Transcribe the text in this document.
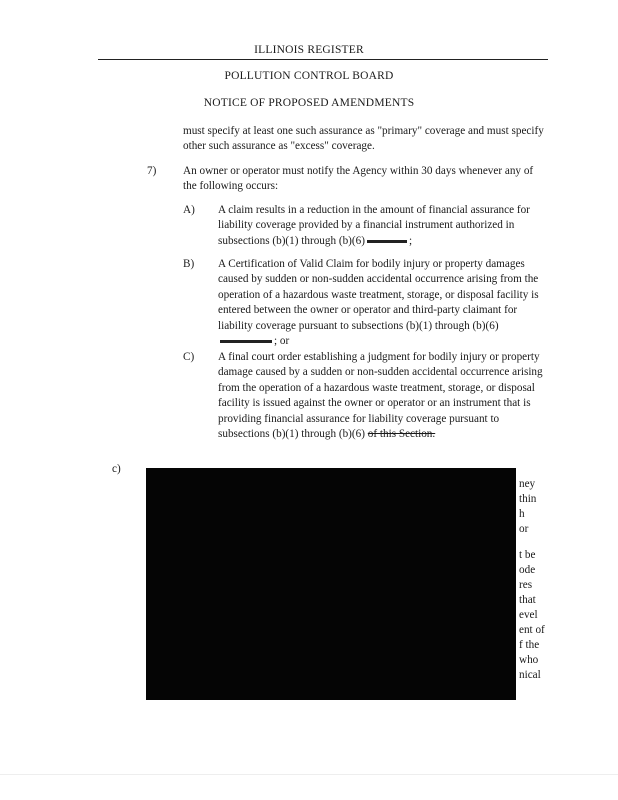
ILLINOIS REGISTER
POLLUTION CONTROL BOARD
NOTICE OF PROPOSED AMENDMENTS

must specify at least one such assurance as "primary" coverage and must specify other such assurance as "excess" coverage.

7) An owner or operator must notify the Agency within 30 days whenever any of the following occurs:
A) A claim results in a reduction in the amount of financial assurance for liability coverage provided by a financial instrument authorized in subsections (b)(1) through (b)(6)	;
B) A Certification of Valid Claim for bodily injury or property damages caused by sudden or non-sudden accidental occurrence arising from the operation of a hazardous waste treatment, storage, or disposal facility is entered between the owner or operator and third-party claimant for liability coverage pursuant to subsections (b)(1) through (b)(6); or
C) A final court order establishing a judgment for bodily injury or property damage caused by a sudden or non-sudden accidental occurrence arising from the operation of a hazardous waste treatment, storage, or disposal facility is issued against the owner or operator or an instrument that is providing financial assurance for liability coverage pursuant to subsections (b)(1) through (b)(6) of this Section.
c)
ney
thin
h
or
t be
ode
res
that
evel
ent of
f the
who
nical
